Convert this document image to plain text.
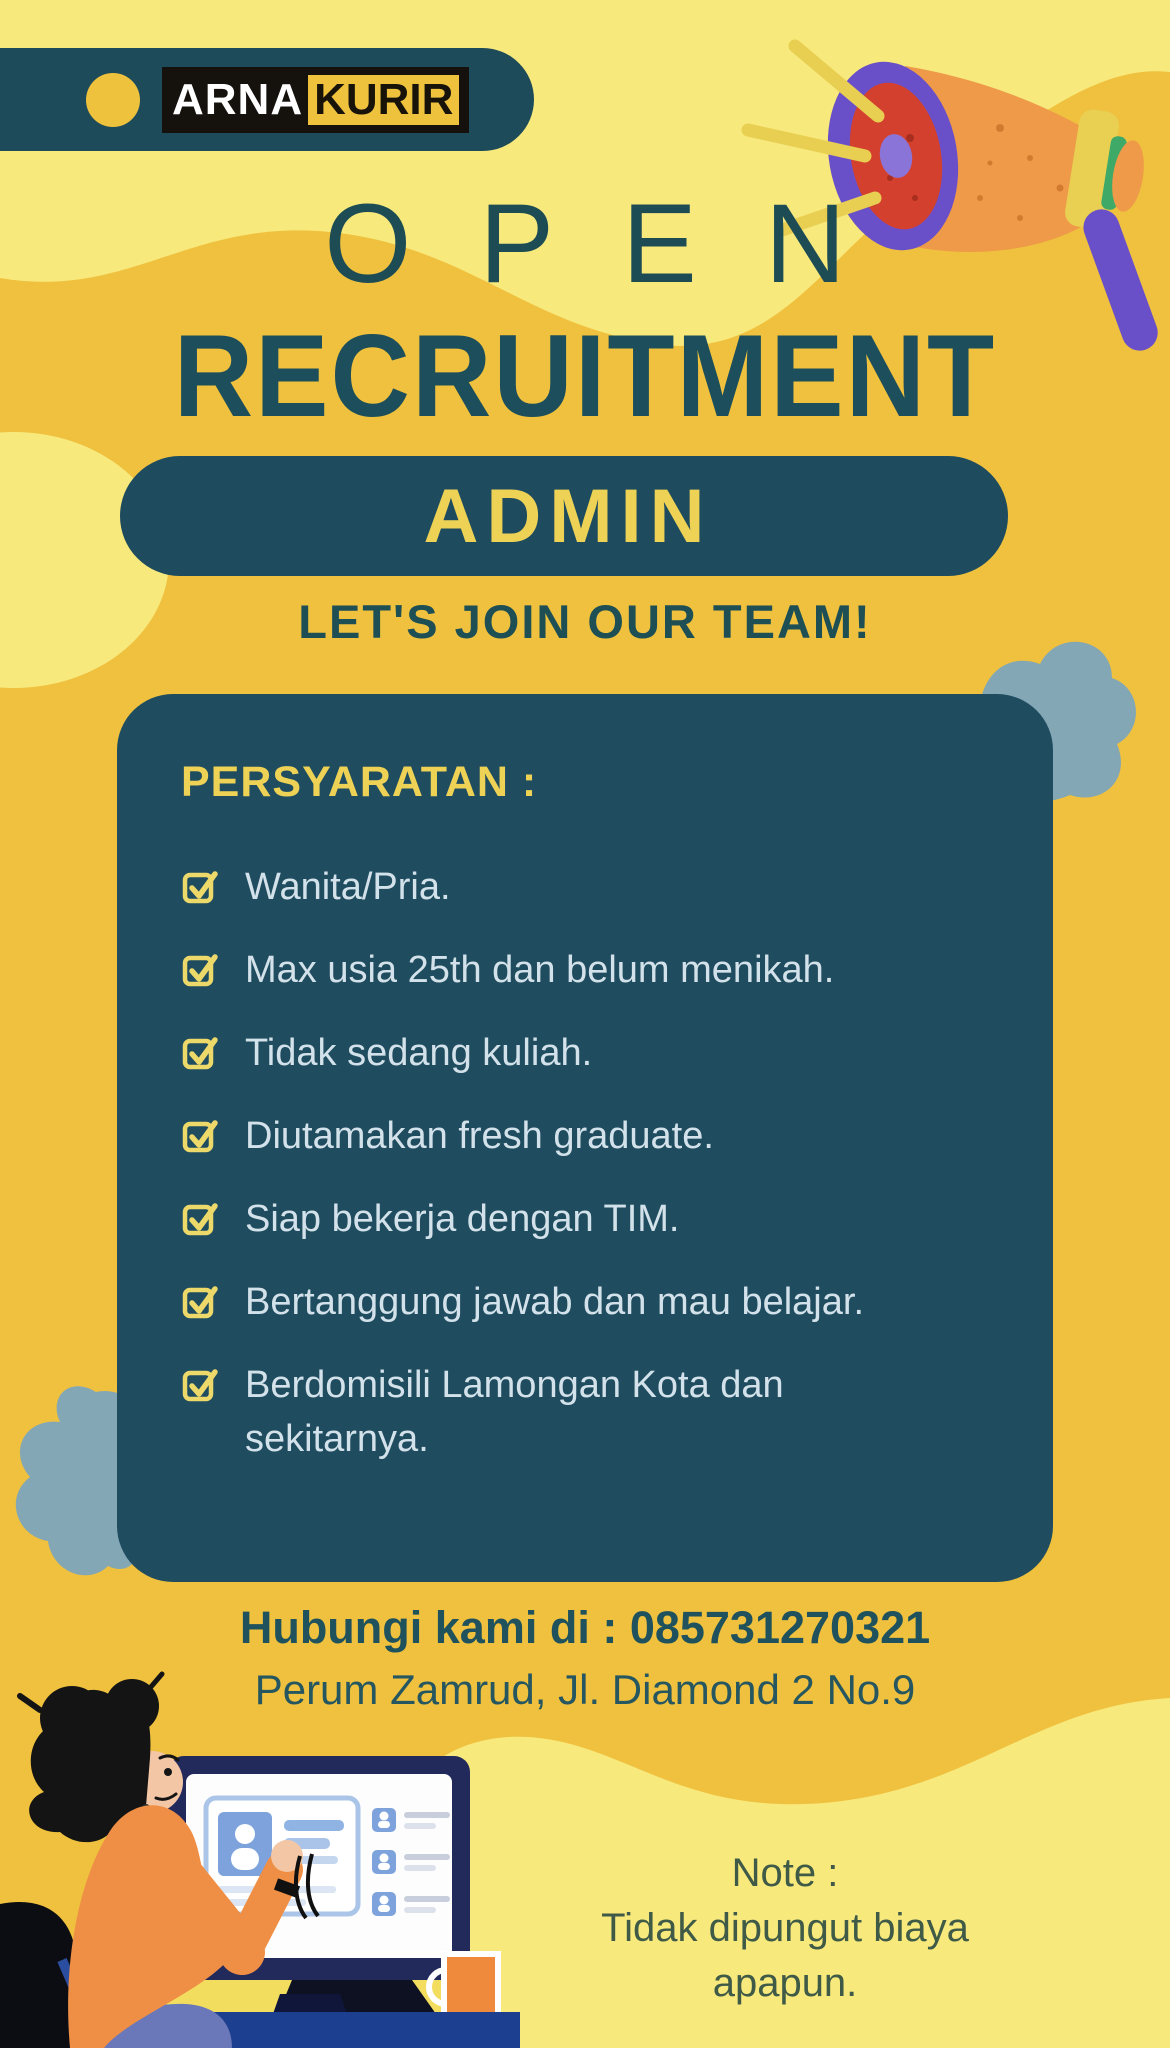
ARNA KURIR
OPEN
RECRUITMENT
ADMIN
LET'S JOIN OUR TEAM!
PERSYARATAN :
Wanita/Pria.
Max usia 25th dan belum menikah.
Tidak sedang kuliah.
Diutamakan fresh graduate.
Siap bekerja dengan TIM.
Bertanggung jawab dan mau belajar.
Berdomisili Lamongan Kota dan sekitarnya.
Hubungi kami di : 085731270321
Perum Zamrud, Jl. Diamond 2 No.9
Note :
Tidak dipungut biaya
apapun.
